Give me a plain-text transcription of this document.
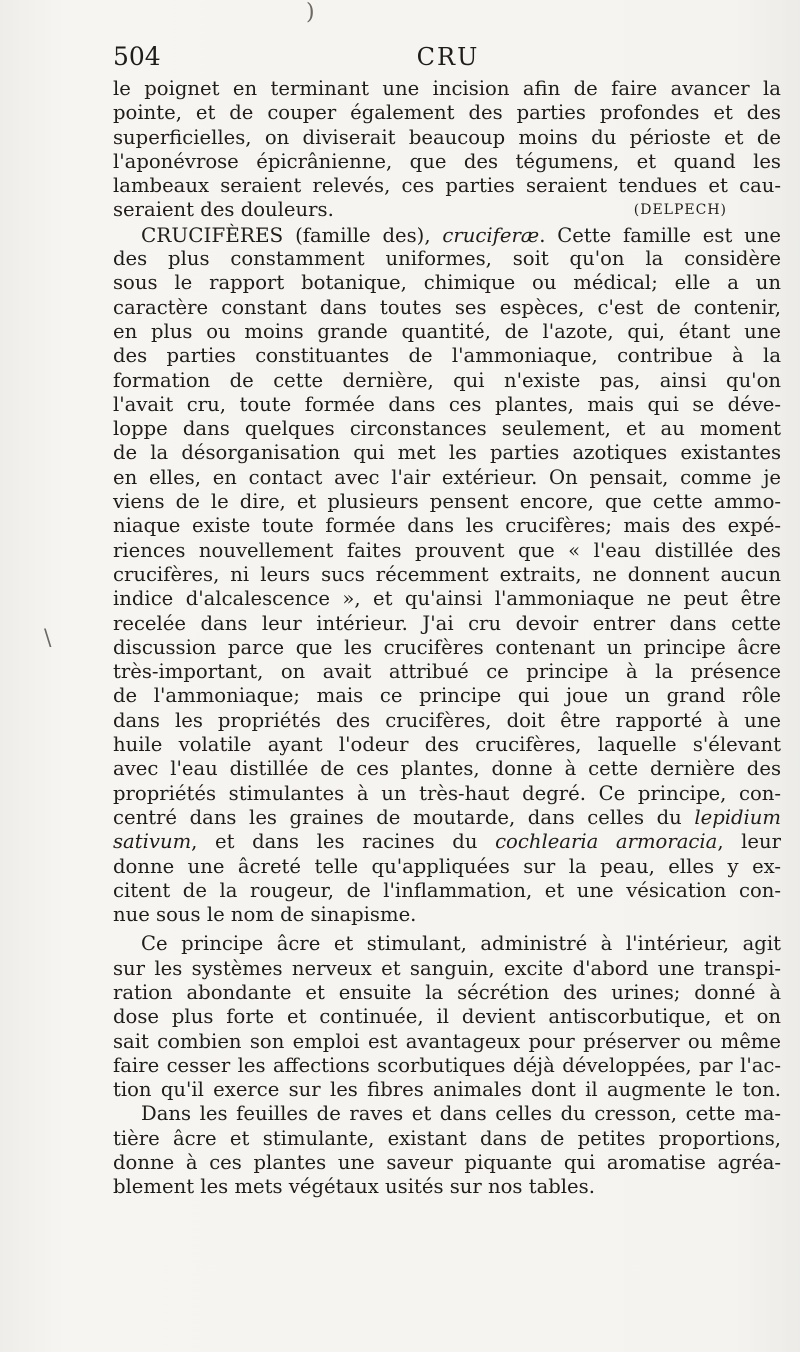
)
\
504	CRU
le poignet en terminant une incision afin de faire avancer la
pointe, et de couper également des parties profondes et des
superficielles, on diviserait beaucoup moins du périoste et de
l'aponévrose épicrânienne, que des tégumens, et quand les
lambeaux seraient relevés, ces parties seraient tendues et cau-
seraient des douleurs.	(DELPECH)
CRUCIFÈRES (famille des), cruciferæ. Cette famille est une
des plus constamment uniformes, soit qu'on la considère
sous le rapport botanique, chimique ou médical; elle a un
caractère constant dans toutes ses espèces, c'est de contenir,
en plus ou moins grande quantité, de l'azote, qui, étant une
des parties constituantes de l'ammoniaque, contribue à la
formation de cette dernière, qui n'existe pas, ainsi qu'on
l'avait cru, toute formée dans ces plantes, mais qui se déve-
loppe dans quelques circonstances seulement, et au moment
de la désorganisation qui met les parties azotiques existantes
en elles, en contact avec l'air extérieur. On pensait, comme je
viens de le dire, et plusieurs pensent encore, que cette ammo-
niaque existe toute formée dans les crucifères; mais des expé-
riences nouvellement faites prouvent que « l'eau distillée des
crucifères, ni leurs sucs récemment extraits, ne donnent aucun
indice d'alcalescence », et qu'ainsi l'ammoniaque ne peut être
recelée dans leur intérieur. J'ai cru devoir entrer dans cette
discussion parce que les crucifères contenant un principe âcre
très-important, on avait attribué ce principe à la présence
de l'ammoniaque; mais ce principe qui joue un grand rôle
dans les propriétés des crucifères, doit être rapporté à une
huile volatile ayant l'odeur des crucifères, laquelle s'élevant
avec l'eau distillée de ces plantes, donne à cette dernière des
propriétés stimulantes à un très-haut degré. Ce principe, con-
centré dans les graines de moutarde, dans celles du lepidium
sativum, et dans les racines du cochlearia armoracia, leur
donne une âcreté telle qu'appliquées sur la peau, elles y ex-
citent de la rougeur, de l'inflammation, et une vésication con-
nue sous le nom de sinapisme.
Ce principe âcre et stimulant, administré à l'intérieur, agit
sur les systèmes nerveux et sanguin, excite d'abord une transpi-
ration abondante et ensuite la sécrétion des urines; donné à
dose plus forte et continuée, il devient antiscorbutique, et on
sait combien son emploi est avantageux pour préserver ou même
faire cesser les affections scorbutiques déjà développées, par l'ac-
tion qu'il exerce sur les fibres animales dont il augmente le ton.
Dans les feuilles de raves et dans celles du cresson, cette ma-
tière âcre et stimulante, existant dans de petites proportions,
donne à ces plantes une saveur piquante qui aromatise agréa-
blement les mets végétaux usités sur nos tables.
